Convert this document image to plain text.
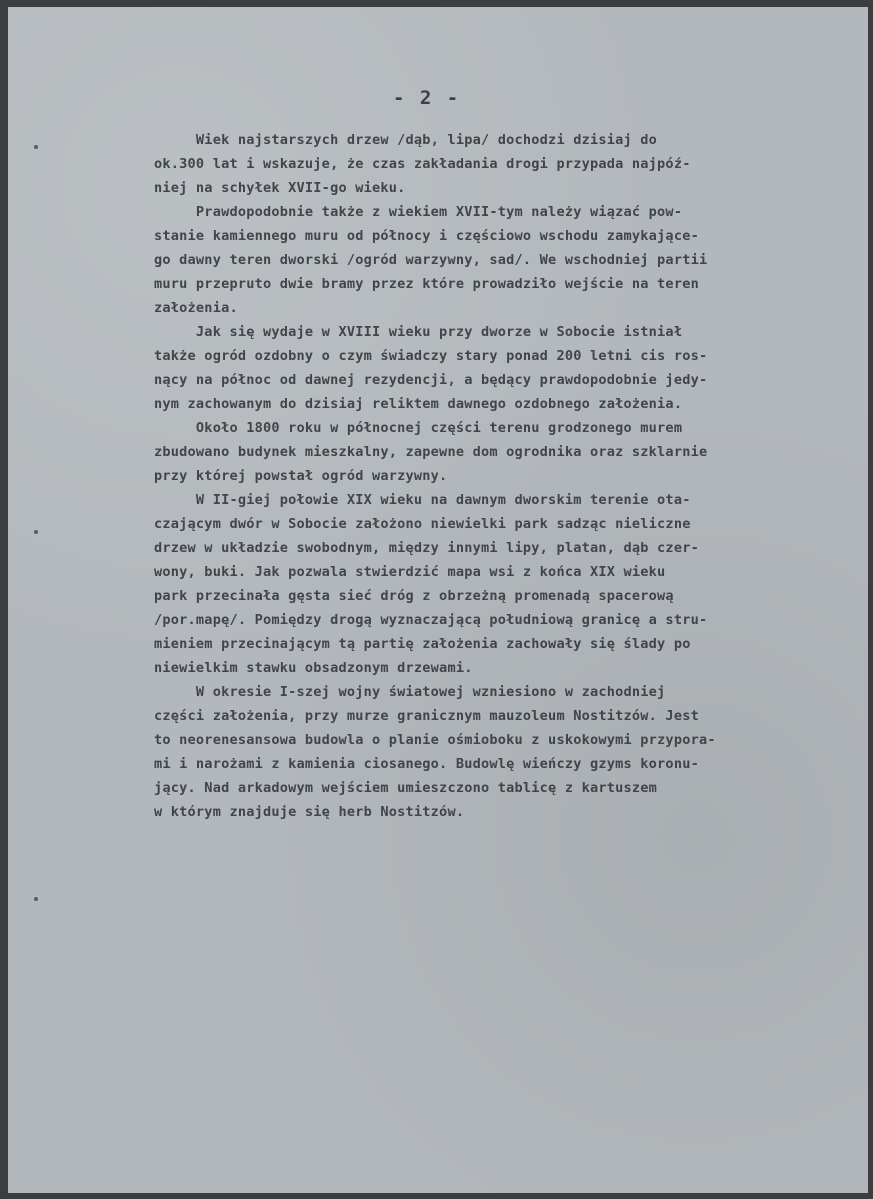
- 2 -
Wiek najstarszych drzew /dąb, lipa/ dochodzi dzisiaj do
ok.300 lat i wskazuje, że czas zakładania drogi przypada najpóź-
niej na schyłek XVII-go wieku.
Prawdopodobnie także z wiekiem XVII-tym należy wiązać pow-
stanie kamiennego muru od północy i częściowo wschodu zamykające-
go dawny teren dworski /ogród warzywny, sad/. We wschodniej partii
muru przepruto dwie bramy przez które prowadziło wejście na teren
założenia.
Jak się wydaje w XVIII wieku przy dworze w Sobocie istniał
także ogród ozdobny o czym świadczy stary ponad 200 letni cis ros-
nący na północ od dawnej rezydencji, a będący prawdopodobnie jedy-
nym zachowanym do dzisiaj reliktem dawnego ozdobnego założenia.
Około 1800 roku w północnej części terenu grodzonego murem
zbudowano budynek mieszkalny, zapewne dom ogrodnika oraz szklarnie
przy której powstał ogród warzywny.
W II-giej połowie XIX wieku na dawnym dworskim terenie ota-
czającym dwór w Sobocie założono niewielki park sadząc nieliczne
drzew w układzie swobodnym, między innymi lipy, platan, dąb czer-
wony, buki. Jak pozwala stwierdzić mapa wsi z końca XIX wieku
park przecinała gęsta sieć dróg z obrzeżną promenadą spacerową
/por.mapę/. Pomiędzy drogą wyznaczającą południową granicę a stru-
mieniem przecinającym tą partię założenia zachowały się ślady po
niewielkim stawku obsadzonym drzewami.
W okresie I-szej wojny światowej wzniesiono w zachodniej
części założenia, przy murze granicznym mauzoleum Nostitzów. Jest
to neorenesansowa budowla o planie ośmioboku z uskokowymi przypora-
mi i narożami z kamienia ciosanego. Budowlę wieńczy gzyms koronu-
jący. Nad arkadowym wejściem umieszczono tablicę z kartuszem
w którym znajduje się herb Nostitzów.
